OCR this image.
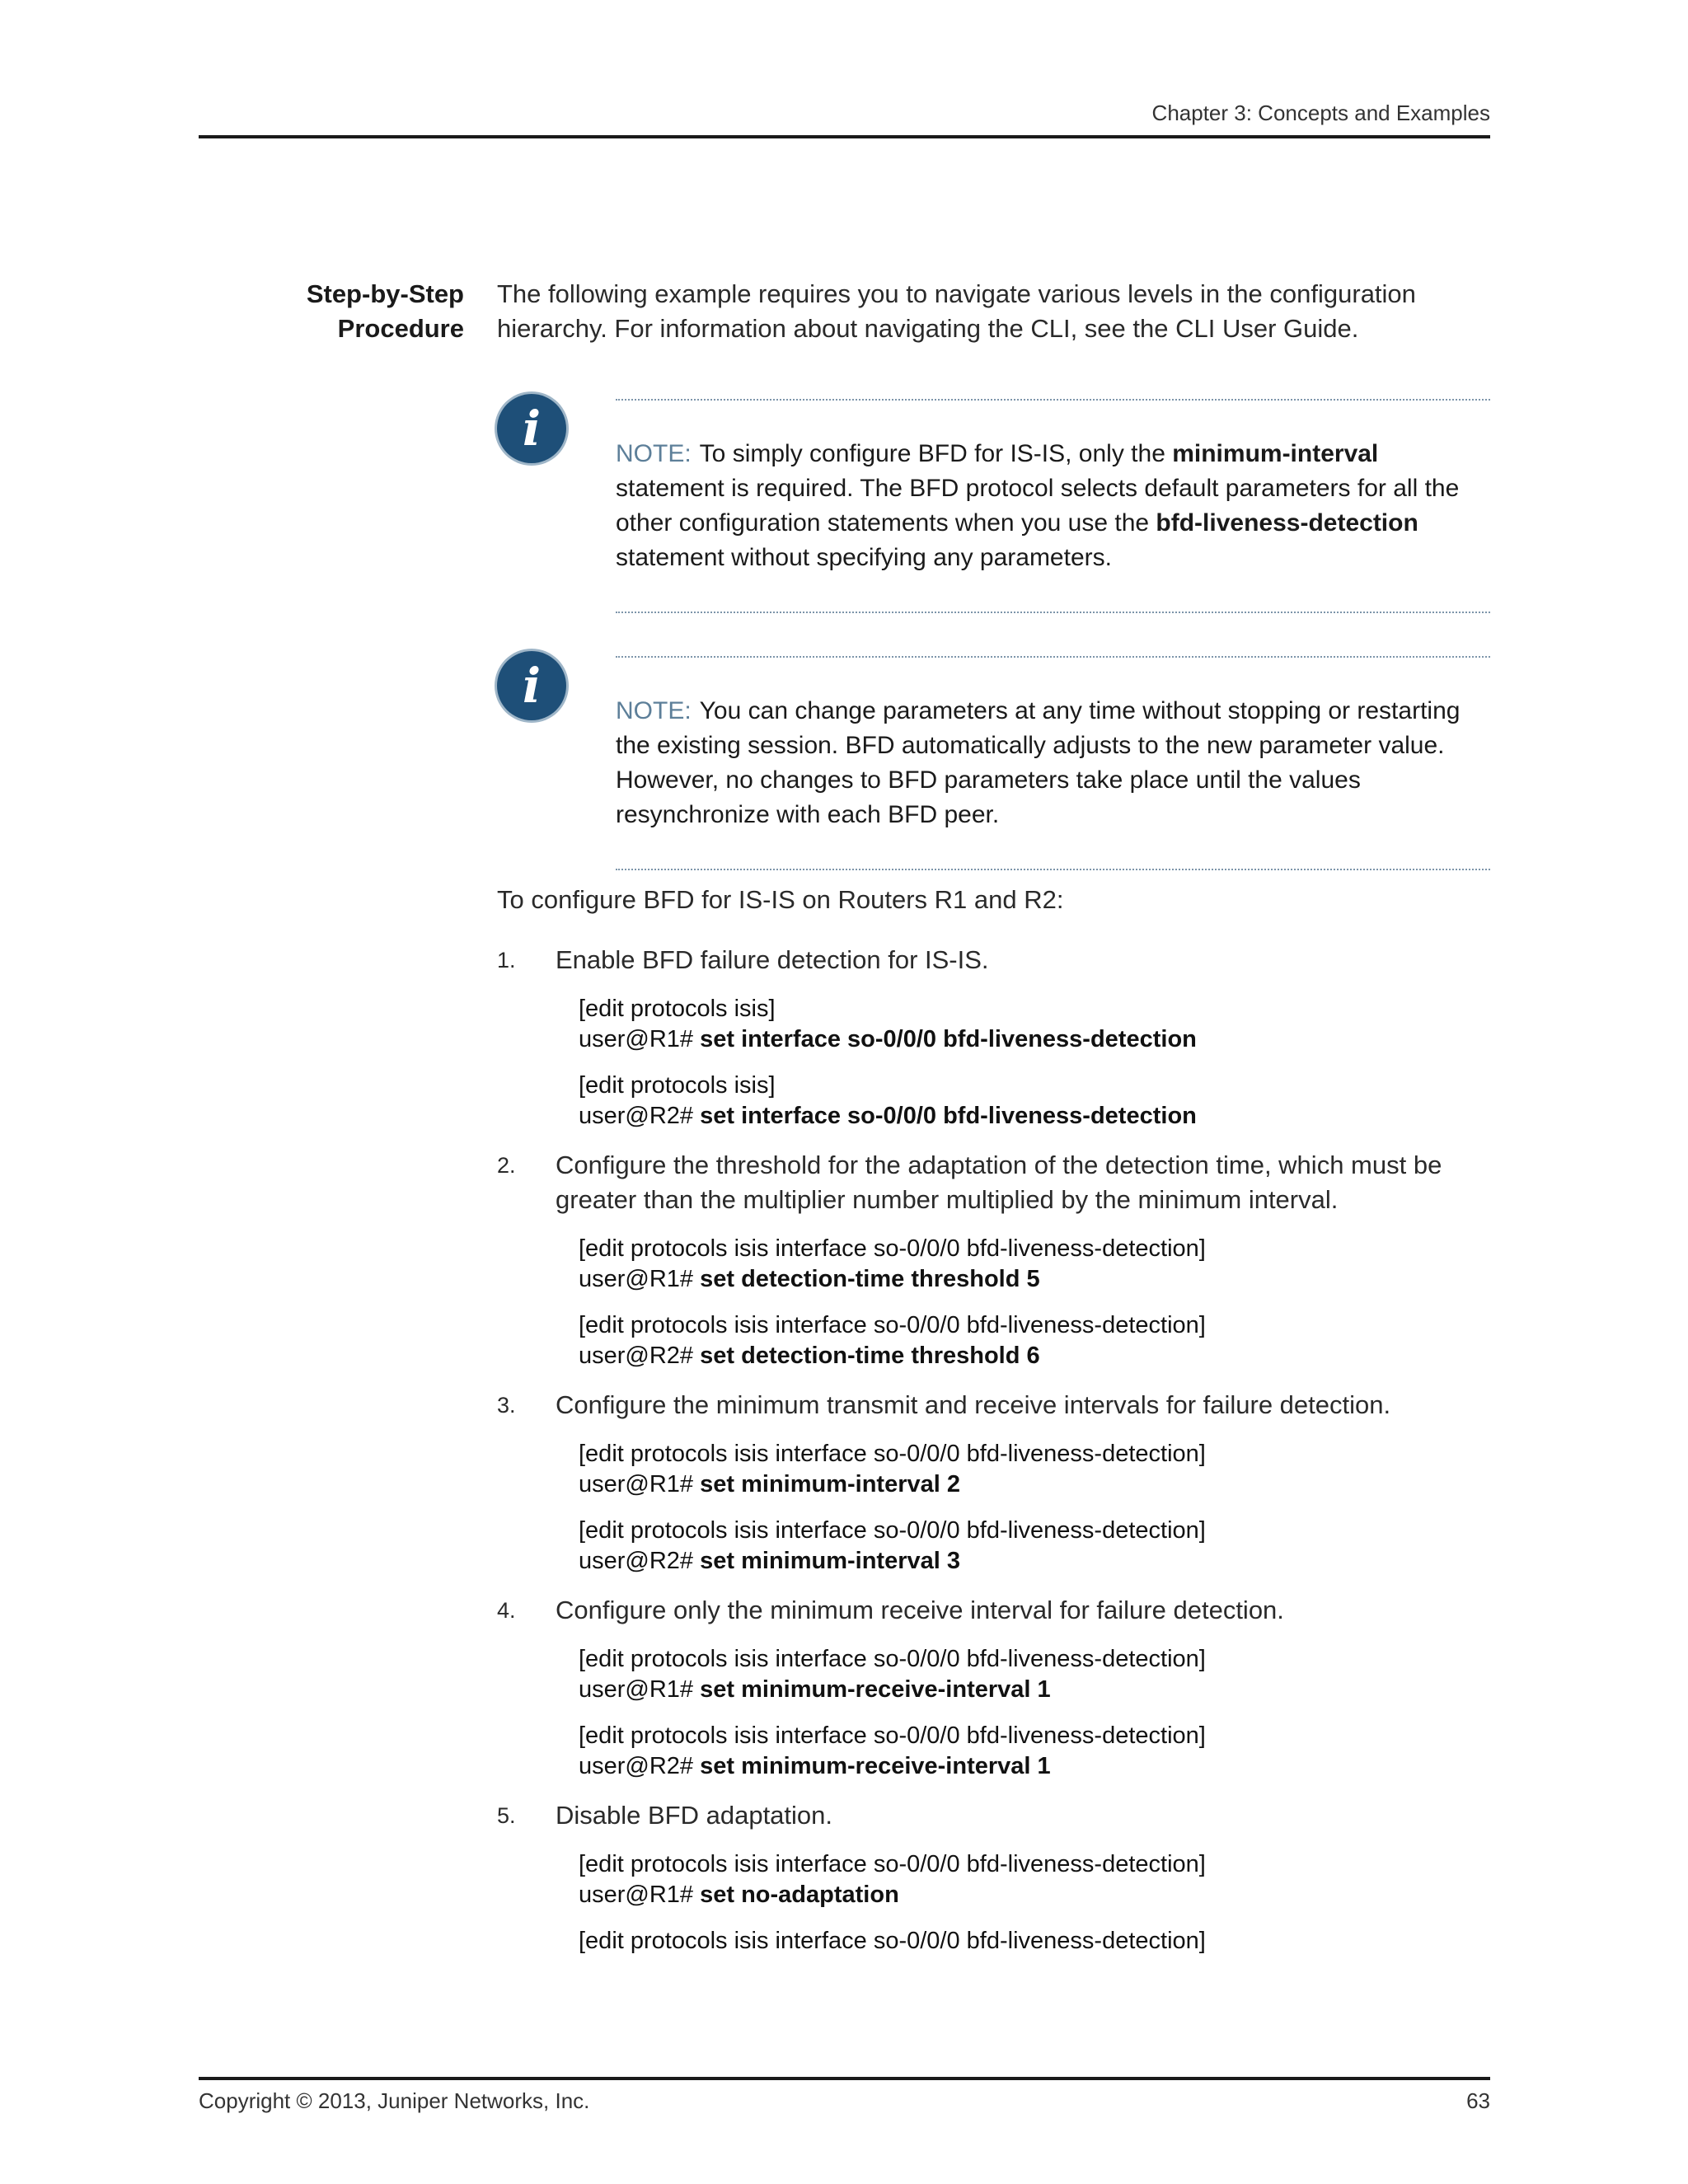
Chapter 3: Concepts and Examples
Step-by-Step
Procedure
The following example requires you to navigate various levels in the configuration hierarchy. For information about navigating the CLI, see the CLI User Guide.
i	NOTE: To simply configure BFD for IS-IS, only the minimum-interval statement is required. The BFD protocol selects default parameters for all the other configuration statements when you use the bfd-liveness-detection statement without specifying any parameters.
i	NOTE: You can change parameters at any time without stopping or restarting the existing session. BFD automatically adjusts to the new parameter value. However, no changes to BFD parameters take place until the values resynchronize with each BFD peer.
To configure BFD for IS-IS on Routers R1 and R2:
1. Enable BFD failure detection for IS-IS.
[edit protocols isis]
user@R1# set interface so-0/0/0 bfd-liveness-detection
[edit protocols isis]
user@R2# set interface so-0/0/0 bfd-liveness-detection
2. Configure the threshold for the adaptation of the detection time, which must be greater than the multiplier number multiplied by the minimum interval.
[edit protocols isis interface so-0/0/0 bfd-liveness-detection]
user@R1# set detection-time threshold 5
[edit protocols isis interface so-0/0/0 bfd-liveness-detection]
user@R2# set detection-time threshold 6
3. Configure the minimum transmit and receive intervals for failure detection.
[edit protocols isis interface so-0/0/0 bfd-liveness-detection]
user@R1# set minimum-interval 2
[edit protocols isis interface so-0/0/0 bfd-liveness-detection]
user@R2# set minimum-interval 3
4. Configure only the minimum receive interval for failure detection.
[edit protocols isis interface so-0/0/0 bfd-liveness-detection]
user@R1# set minimum-receive-interval 1
[edit protocols isis interface so-0/0/0 bfd-liveness-detection]
user@R2# set minimum-receive-interval 1
5. Disable BFD adaptation.
[edit protocols isis interface so-0/0/0 bfd-liveness-detection]
user@R1# set no-adaptation
[edit protocols isis interface so-0/0/0 bfd-liveness-detection]
Copyright © 2013, Juniper Networks, Inc.	63
